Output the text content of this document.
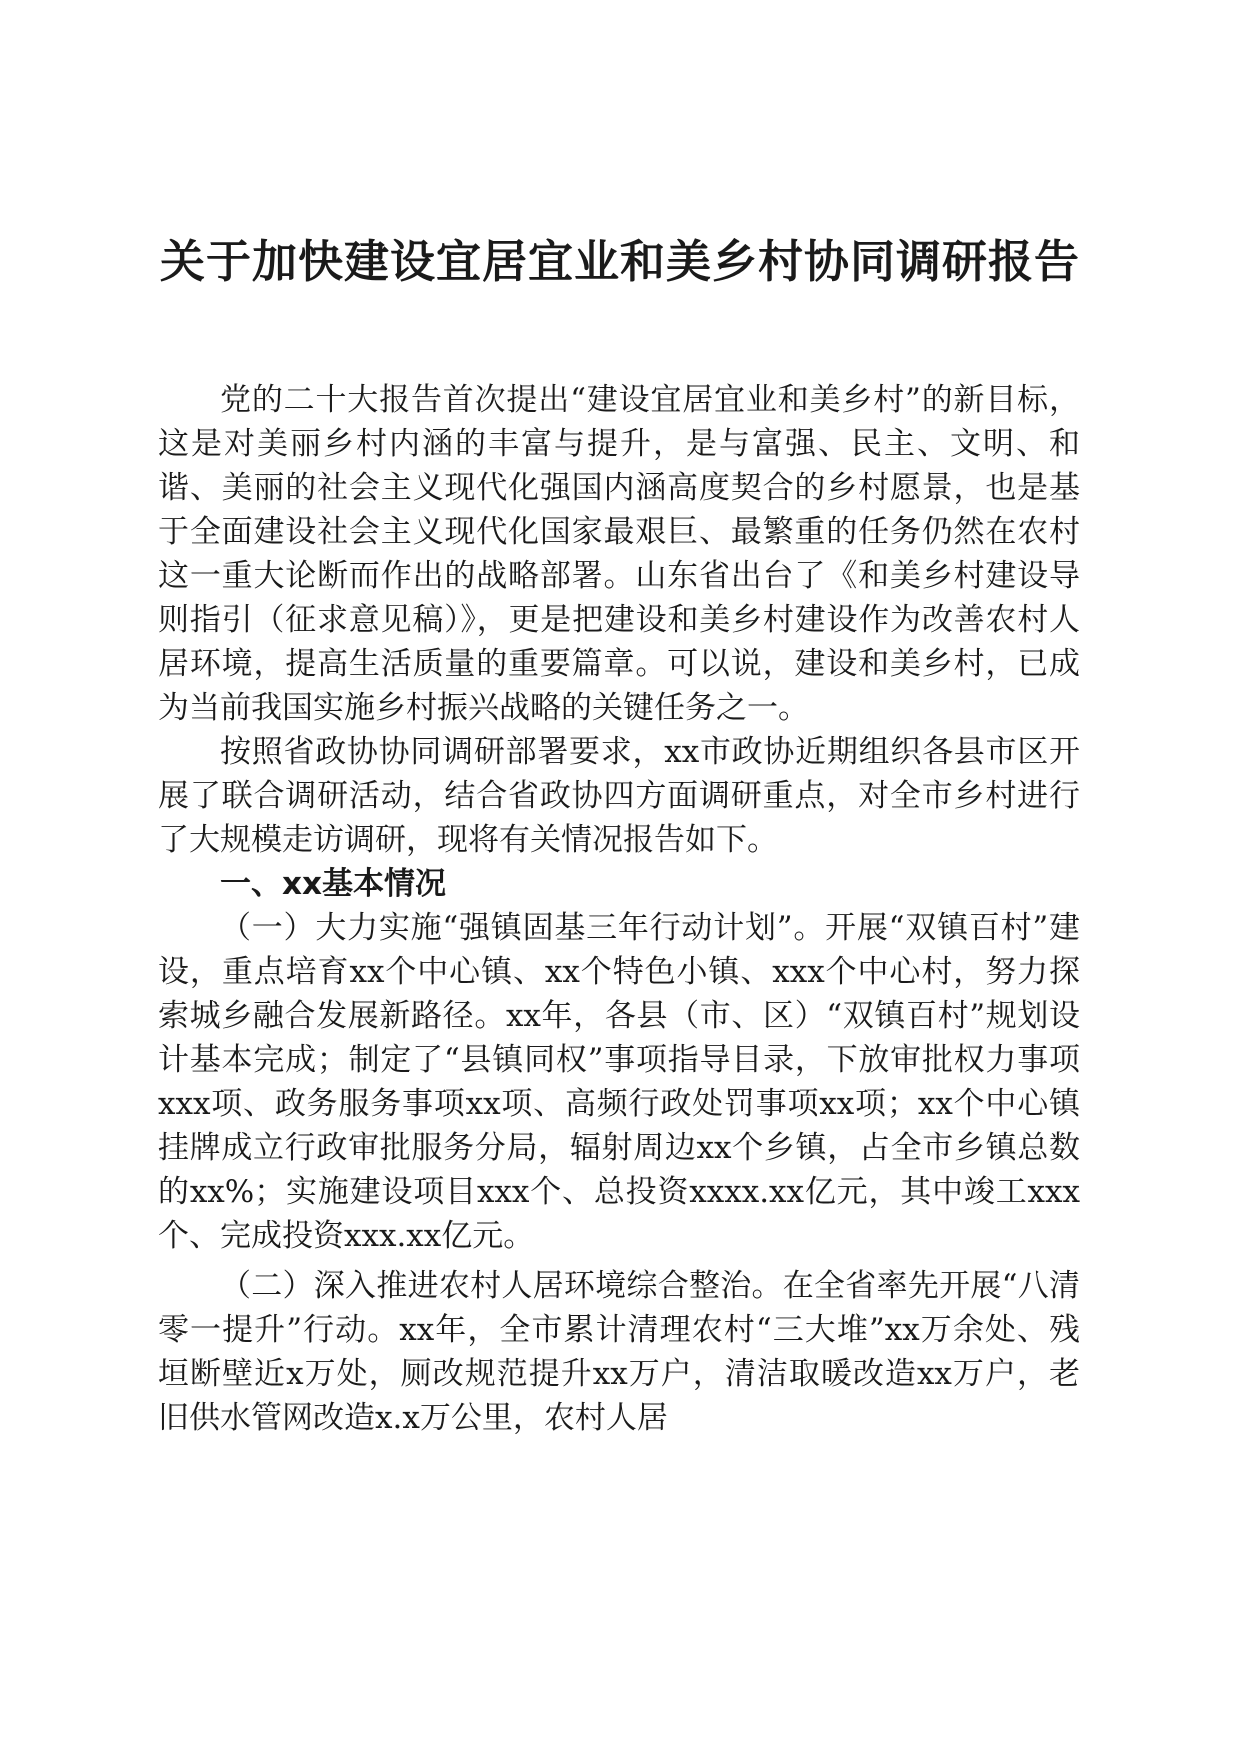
关于加快建设宜居宜业和美乡村协同调研报告

党的二十大报告首次提出“建设宜居宜业和美乡村”的新目标，这是对美丽乡村内涵的丰富与提升，是与富强、民主、文明、和谐、美丽的社会主义现代化强国内涵高度契合的乡村愿景，也是基于全面建设社会主义现代化国家最艰巨、最繁重的任务仍然在农村这一重大论断而作出的战略部署。山东省出台了《和美乡村建设导则指引（征求意见稿）》，更是把建设和美乡村建设作为改善农村人居环境，提高生活质量的重要篇章。可以说，建设和美乡村，已成为当前我国实施乡村振兴战略的关键任务之一。

按照省政协协同调研部署要求，xx市政协近期组织各县市区开展了联合调研活动，结合省政协四方面调研重点，对全市乡村进行了大规模走访调研，现将有关情况报告如下。

一、xx基本情况

（一）大力实施“强镇固基三年行动计划”。开展“双镇百村”建设，重点培育xx个中心镇、xx个特色小镇、xxx个中心村，努力探索城乡融合发展新路径。xx年，各县（市、区）“双镇百村”规划设计基本完成；制定了“县镇同权”事项指导目录，下放审批权力事项xxx项、政务服务事项xx项、高频行政处罚事项xx项；xx个中心镇挂牌成立行政审批服务分局，辐射周边xx个乡镇，占全市乡镇总数的xx%；实施建设项目xxx个、总投资xxxx.xx亿元，其中竣工xxx个、完成投资xxx.xx亿元。

（二）深入推进农村人居环境综合整治。在全省率先开展“八清零一提升”行动。xx年，全市累计清理农村“三大堆”xx万余处、残垣断壁近x万处，厕改规范提升xx万户，清洁取暖改造xx万户，老旧供水管网改造x.x万公里，农村人居
